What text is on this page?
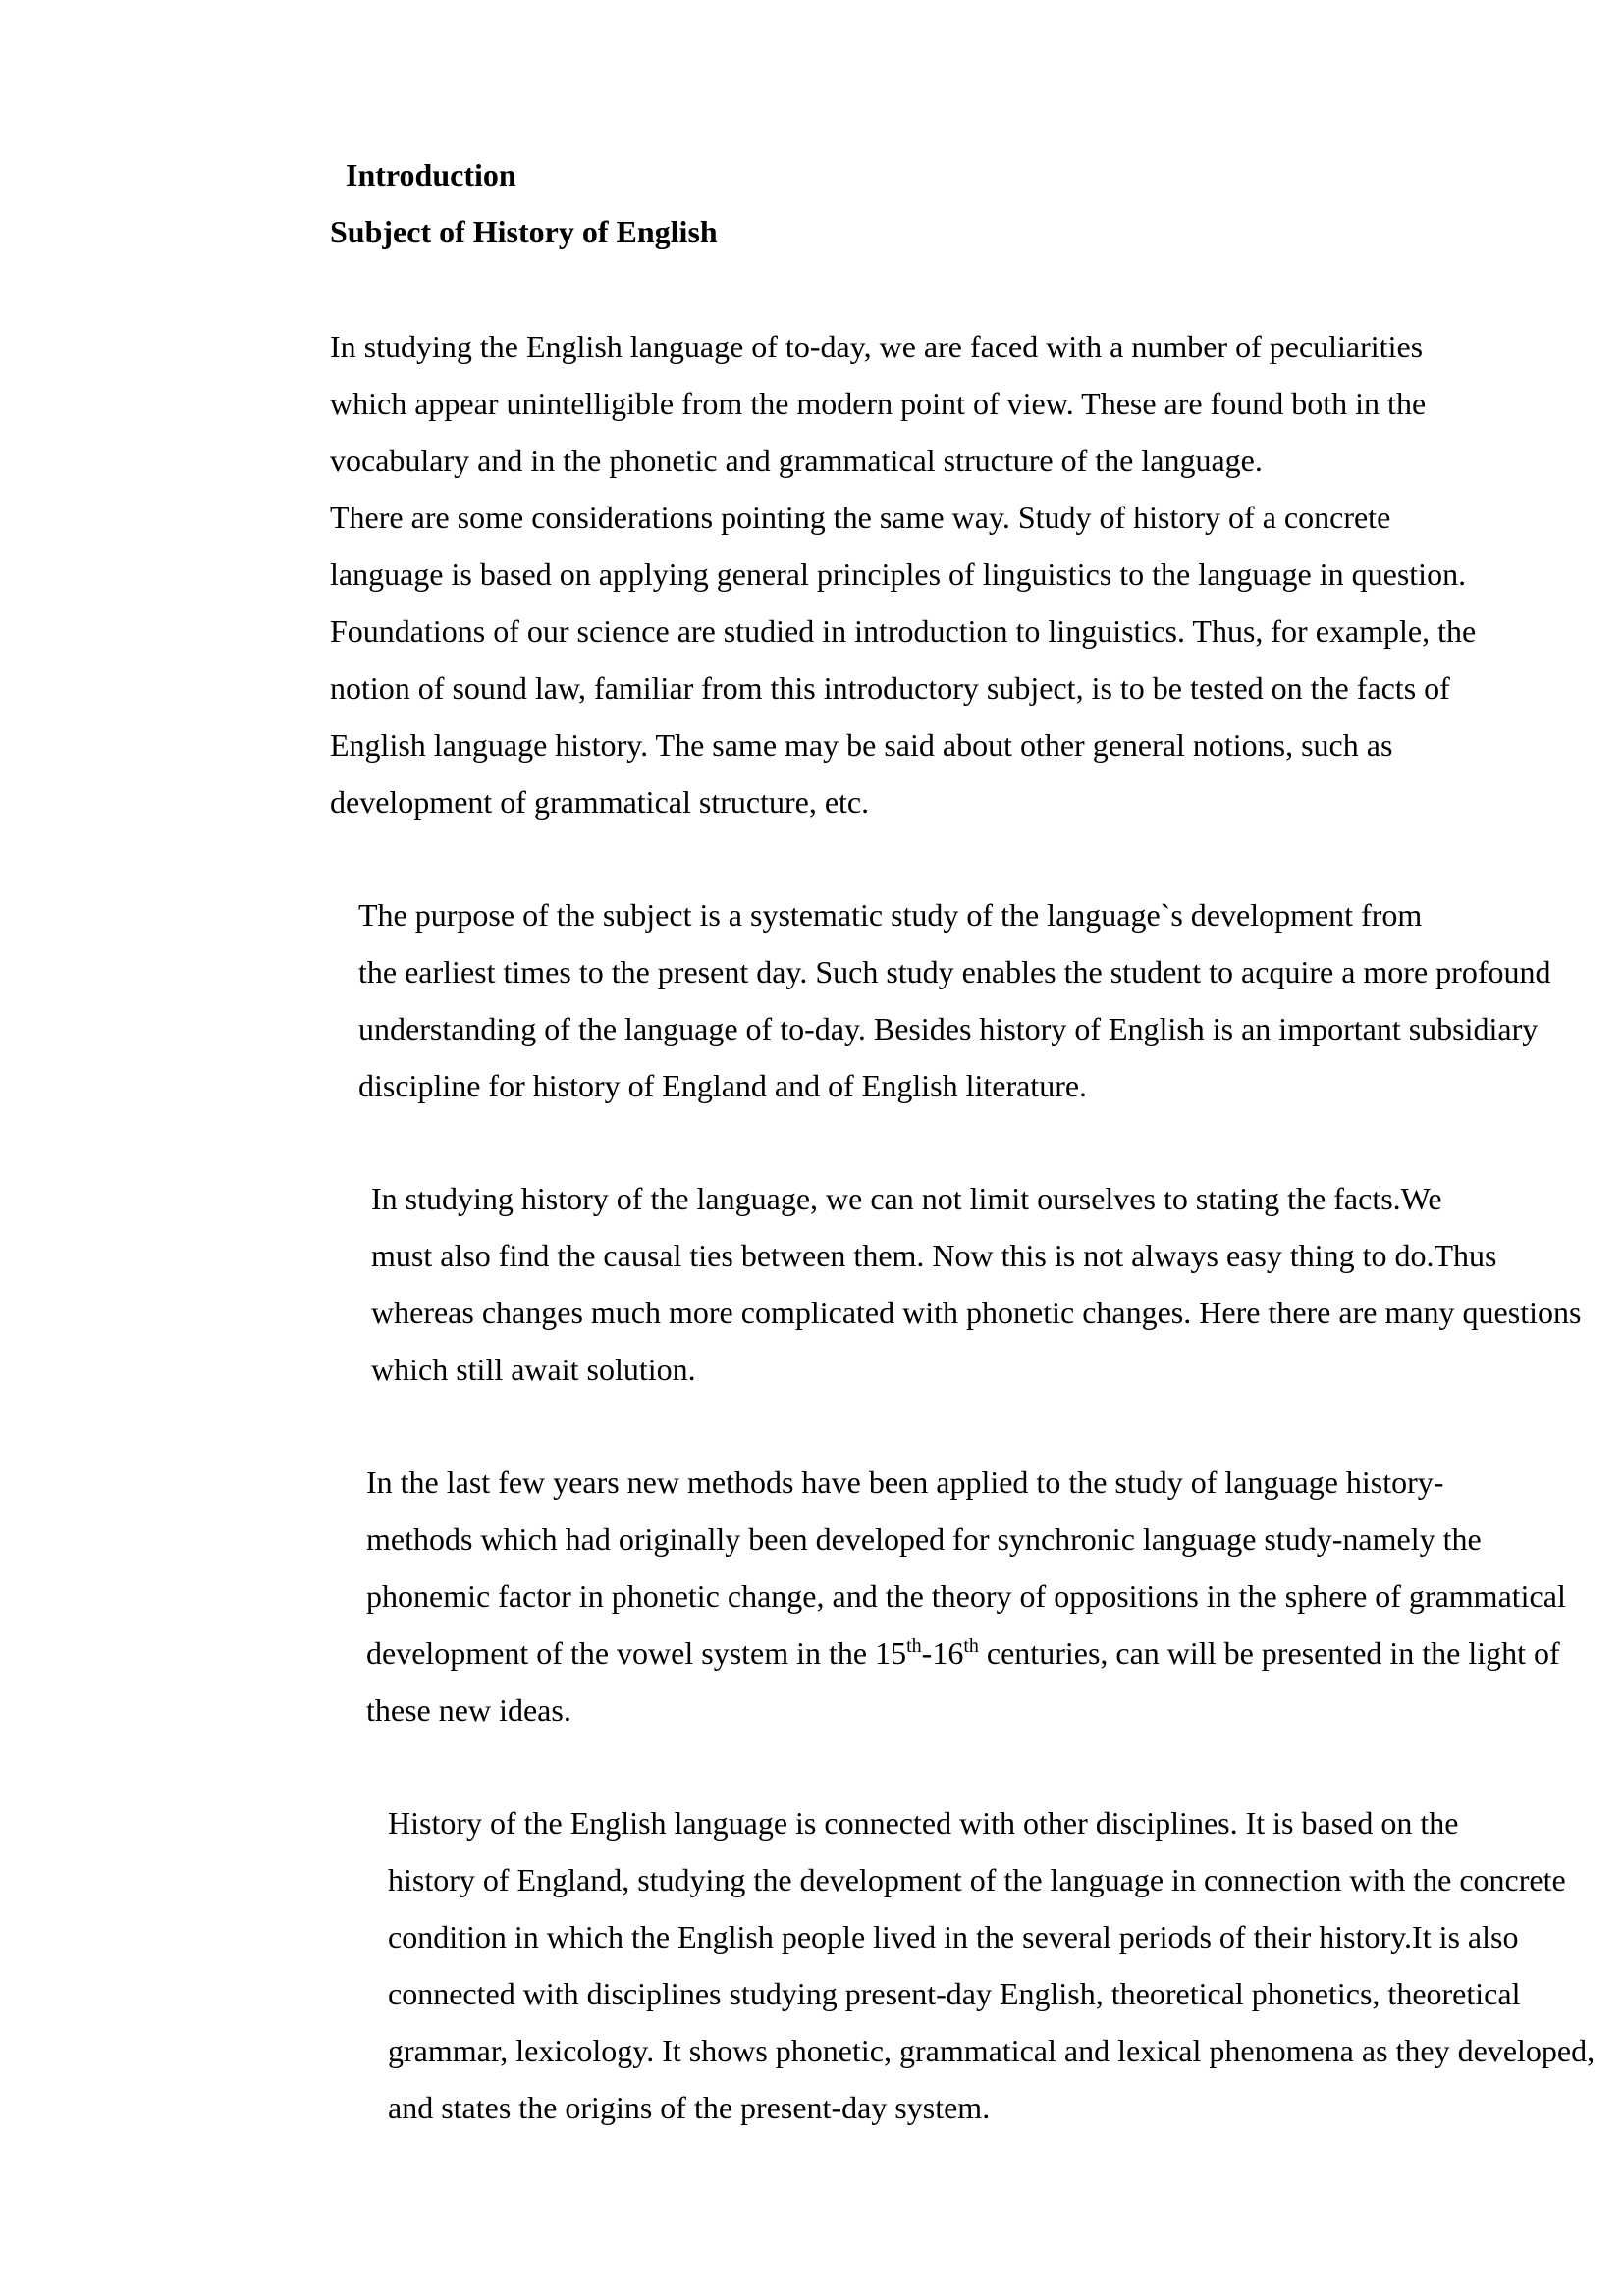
Introduction
Subject of History of English

In studying the English language of to-day, we are faced with a number of peculiarities
which appear unintelligible from the modern point of view. These are found both in the
vocabulary and in the phonetic and grammatical structure of the language.

There are some considerations pointing the same way. Study of history of a concrete
language is based on applying general principles of linguistics to the language in question.
Foundations of our science are studied in introduction to linguistics. Thus, for example, the
notion of sound law, familiar from this introductory subject, is to be tested on the facts of
English language history. The same may be said about other general notions, such as
development of grammatical structure, etc.

The purpose of the subject is a systematic study of the language`s development from
the earliest times to the present day. Such study enables the student to acquire a more profound
understanding of the language of to-day. Besides history of English is an important subsidiary
discipline for history of England and of English literature.

In studying history of the language, we can not limit ourselves to stating the facts.We
must also find the causal ties between them. Now this is not always easy thing to do.Thus
whereas changes much more complicated with phonetic changes. Here there are many questions
which still await solution.

In the last few years new methods have been applied to the study of language history-
methods which had originally been developed for synchronic language study-namely the
phonemic factor in phonetic change, and the theory of oppositions in the sphere of grammatical
development of the vowel system in the 15th-16th centuries, can will be presented in the light of
these new ideas.

History of the English language is connected with other disciplines. It is based on the
history of England, studying the development of the language in connection with the concrete
condition in which the English people lived in the several periods of their history.It is also
connected with disciplines studying present-day English, theoretical phonetics, theoretical
grammar, lexicology. It shows phonetic, grammatical and lexical phenomena as they developed,
and states the origins of the present-day system.
